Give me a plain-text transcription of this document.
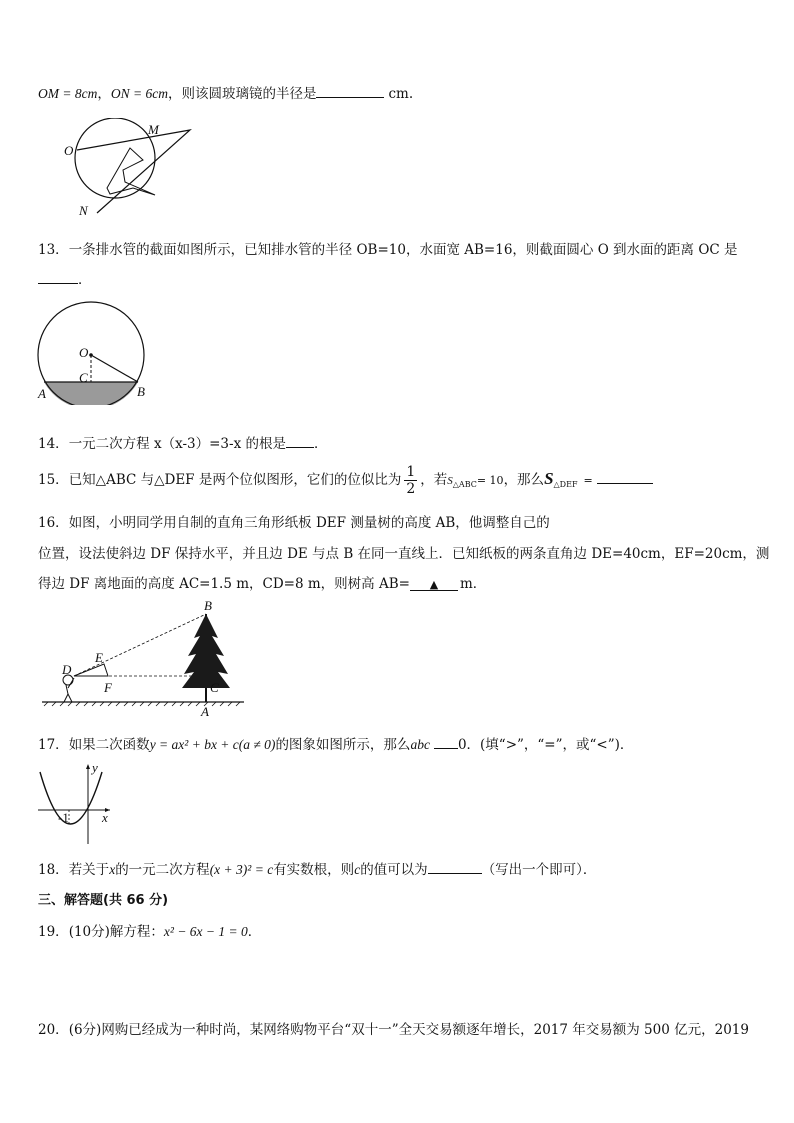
OM = 8cm，ON = 6cm，则该圆玻璃镜的半径是	cm.
O
M
N
13．一条排水管的截面如图所示，已知排水管的半径 OB=10，水面宽 AB=16，则截面圆心 O 到水面的距离 OC 是
．
O
C
A	B
14．一元二次方程 x（x-3）=3-x 的根是 ．
15．已知△ABC 与△DEF 是两个位似图形，它们的位似比为 $\frac{1}{2}$ ，若$S_{\triangle ABC}= 10$，那么$S_{\triangle DEF}$ =
16．如图，小明同学用自制的直角三角形纸板 DEF 测量树的高度 AB，他调整自己的
位置，设法使斜边 DF 保持水平，并且边 DE 与点 B 在同一直线上．已知纸板的两条直角边 DE=40cm，EF=20cm，测
得边 DF 离地面的高度 AC=1.5 m，CD=8 m，则树高 AB= ▲ m．
B
D
E
F	C
A
17．如果二次函数y = ax² + bx + c(a ≠ 0)的图象如图所示，那么abc 0．(填“>”，“=”，或“<”)．
y
x
-1
18．若关于x的一元二次方程(x + 3)² = c有实数根，则c的值可以为	（写出一个即可）．
三、解答题(共 66 分)
19．(10分)解方程：x² − 6x − 1 = 0．
20．(6分)网购已经成为一种时尚，某网络购物平台“双十一”全天交易额逐年增长，2017 年交易额为 500 亿元，2019
